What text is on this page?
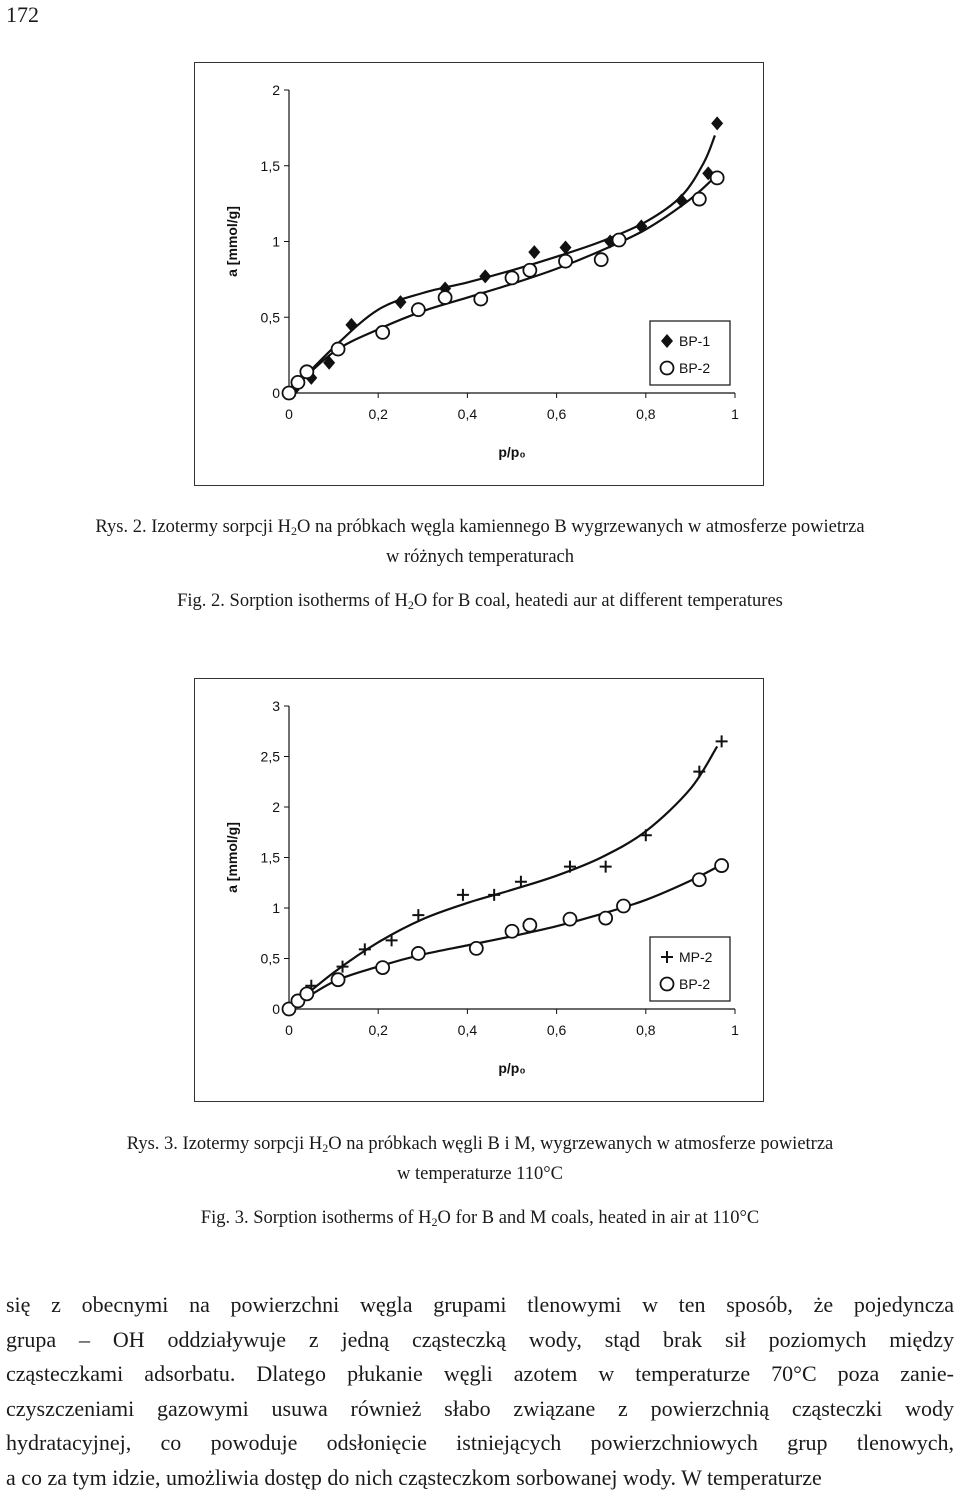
172
0
0,5
1
1,5
2
0	0,2	0,4	0,6	0,8	1
p/p₀
a [mmol/g]
BP-1
BP-2
Rys. 2. Izotermy sorpcji $H_2O$ na próbkach węgla kamiennego B wygrzewanych w atmosferze powietrza
w różnych temperaturach
Fig. 2. Sorption isotherms of $H_2O$ for B coal, heatedi aur at different temperatures
0
0,5
1
1,5
2
2,5
3
0	0,2	0,4	0,6	0,8	1
p/p₀
a [mmol/g]
MP-2
BP-2
Rys. 3. Izotermy sorpcji $H_2O$ na próbkach węgli B i M, wygrzewanych w atmosferze powietrza
w temperaturze 110°C
Fig. 3. Sorption isotherms of $H_2O$ for B and M coals, heated in air at 110°C
się z obecnymi na powierzchni węgla grupami tlenowymi w ten sposób, że pojedyncza
grupa – OH oddziaływuje z jedną cząsteczką wody, stąd brak sił poziomych między
cząsteczkami adsorbatu. Dlatego płukanie węgli azotem w temperaturze 70°C poza zanie-
czyszczeniami gazowymi usuwa również słabo związane z powierzchnią cząsteczki wody
hydratacyjnej, co powoduje odsłonięcie istniejących powierzchniowych grup tlenowych,
a co za tym idzie, umożliwia dostęp do nich cząsteczkom sorbowanej wody. W temperaturze
